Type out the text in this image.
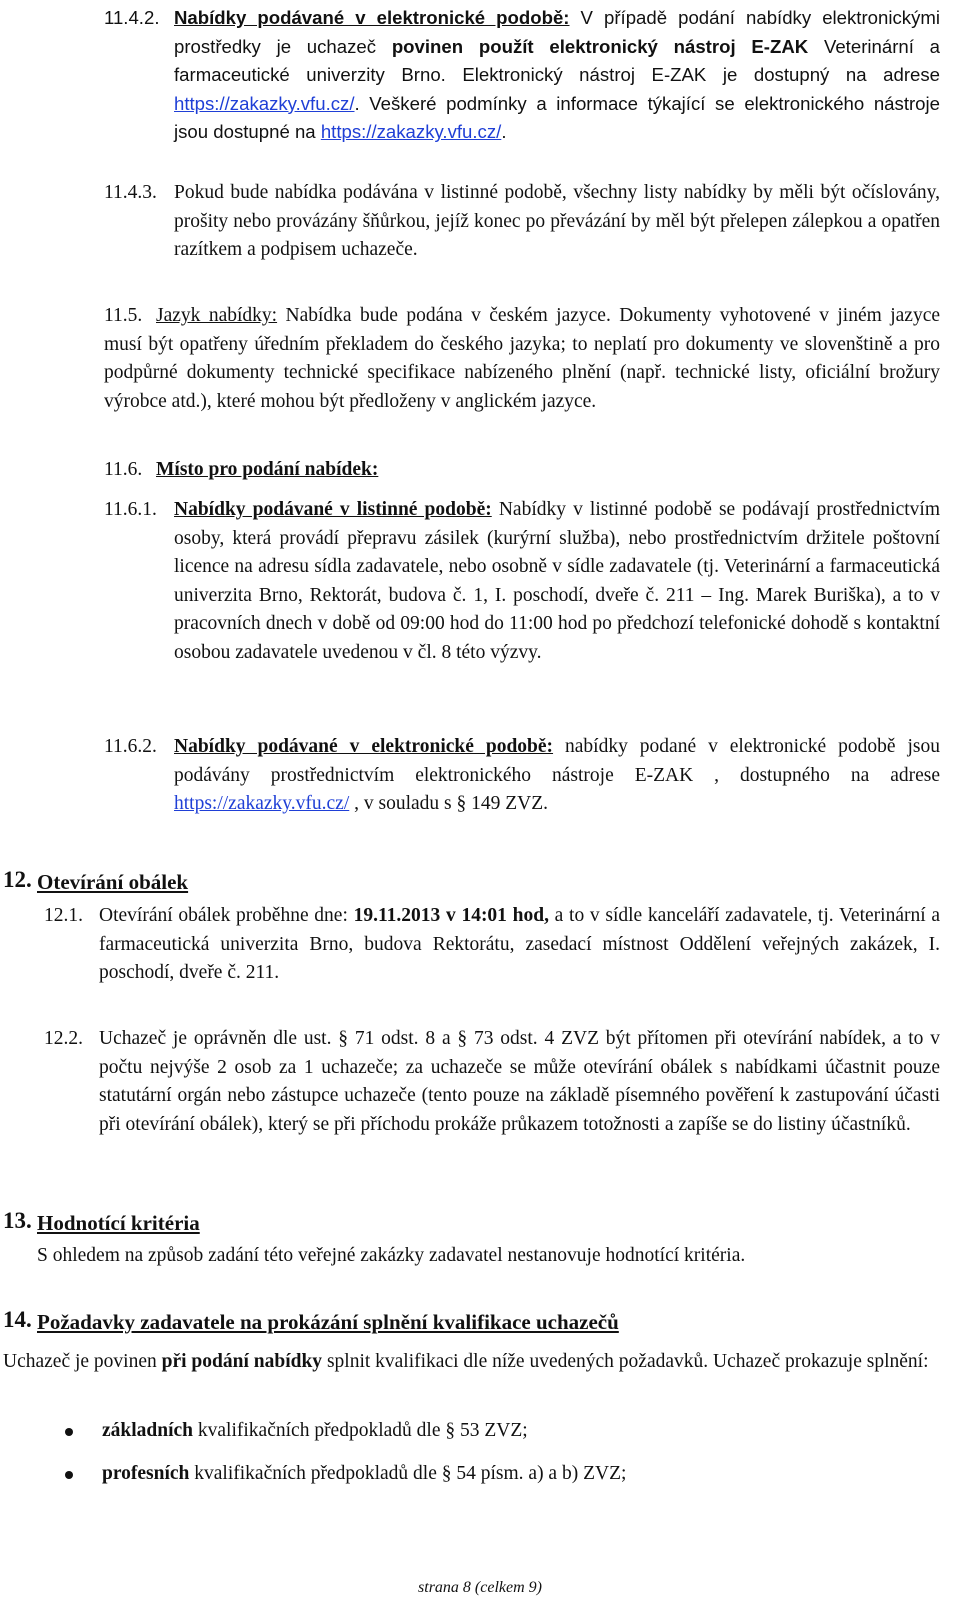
11.4.2. Nabídky podávané v elektronické podobě: V případě podání nabídky elektronickými prostředky je uchazeč povinen použít elektronický nástroj E-ZAK Veterinární a farmaceutické univerzity Brno. Elektronický nástroj E-ZAK je dostupný na adrese https://zakazky.vfu.cz/. Veškeré podmínky a informace týkající se elektronického nástroje jsou dostupné na https://zakazky.vfu.cz/.
11.4.3. Pokud bude nabídka podávána v listinné podobě, všechny listy nabídky by měli být očíslovány, prošity nebo provázány šňůrkou, jejíž konec po převázání by měl být přelepen zálepkou a opatřen razítkem a podpisem uchazeče.
11.5. Jazyk nabídky: Nabídka bude podána v českém jazyce. Dokumenty vyhotovené v jiném jazyce musí být opatřeny úředním překladem do českého jazyka; to neplatí pro dokumenty ve slovenštině a pro podpůrné dokumenty technické specifikace nabízeného plnění (např. technické listy, oficiální brožury výrobce atd.), které mohou být předloženy v anglickém jazyce.
11.6. Místo pro podání nabídek:
11.6.1. Nabídky podávané v listinné podobě: Nabídky v listinné podobě se podávají prostřednictvím osoby, která provádí přepravu zásilek (kurýrní služba), nebo prostřednictvím držitele poštovní licence na adresu sídla zadavatele, nebo osobně v sídle zadavatele (tj. Veterinární a farmaceutická univerzita Brno, Rektorát, budova č. 1, I. poschodí, dveře č. 211 – Ing. Marek Buriška), a to v pracovních dnech v době od 09:00 hod do 11:00 hod po předchozí telefonické dohodě s kontaktní osobou zadavatele uvedenou v čl. 8 této výzvy.
11.6.2. Nabídky podávané v elektronické podobě: nabídky podané v elektronické podobě jsou podávány prostřednictvím elektronického nástroje E-ZAK , dostupného na adrese https://zakazky.vfu.cz/ , v souladu s § 149 ZVZ.
12. Otevírání obálek
12.1. Otevírání obálek proběhne dne: 19.11.2013 v 14:01 hod, a to v sídle kanceláří zadavatele, tj. Veterinární a farmaceutická univerzita Brno, budova Rektorátu, zasedací místnost Oddělení veřejných zakázek, I. poschodí, dveře č. 211.
12.2. Uchazeč je oprávněn dle ust. § 71 odst. 8 a § 73 odst. 4 ZVZ být přítomen při otevírání nabídek, a to v počtu nejvýše 2 osob za 1 uchazeče; za uchazeče se může otevírání obálek s nabídkami účastnit pouze statutární orgán nebo zástupce uchazeče (tento pouze na základě písemného pověření k zastupování účasti při otevírání obálek), který se při příchodu prokáže průkazem totožnosti a zapíše se do listiny účastníků.
13. Hodnotící kritéria
S ohledem na způsob zadání této veřejné zakázky zadavatel nestanovuje hodnotící kritéria.
14. Požadavky zadavatele na prokázání splnění kvalifikace uchazečů
Uchazeč je povinen při podání nabídky splnit kvalifikaci dle níže uvedených požadavků. Uchazeč prokazuje splnění:
základních kvalifikačních předpokladů dle § 53 ZVZ;
profesních kvalifikačních předpokladů dle § 54 písm. a) a b) ZVZ;
strana 8 (celkem 9)
